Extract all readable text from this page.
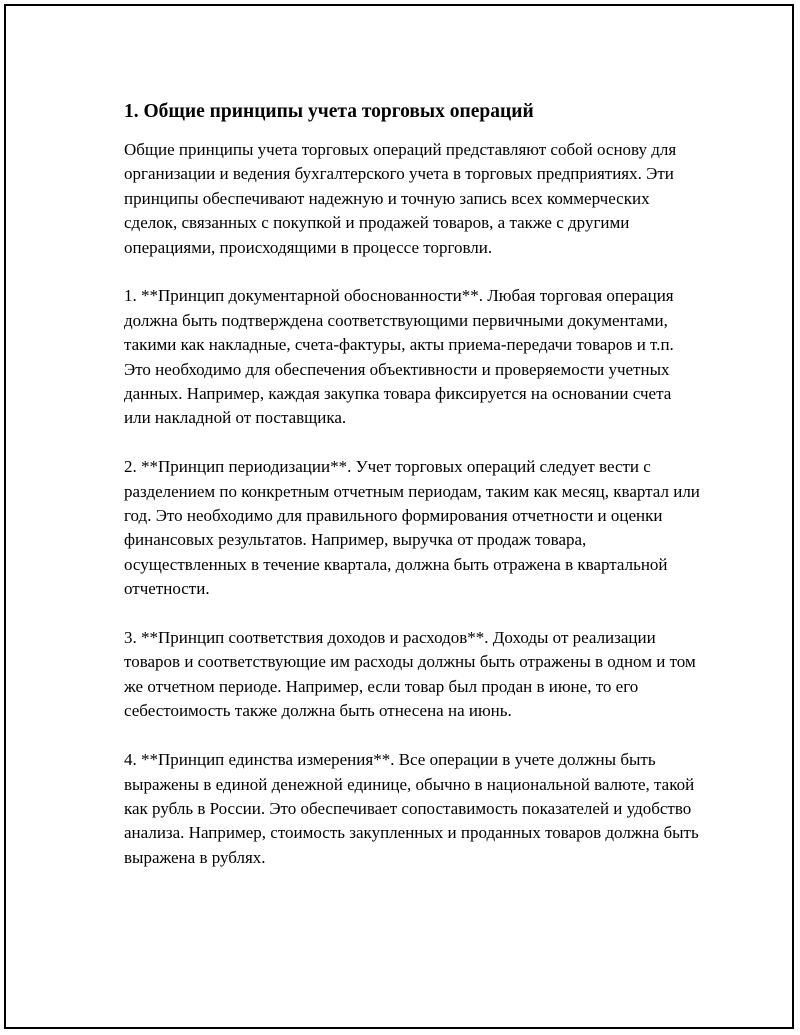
1. Общие принципы учета торговых операций

Общие принципы учета торговых операций представляют собой основу для организации и ведения бухгалтерского учета в торговых предприятиях. Эти принципы обеспечивают надежную и точную запись всех коммерческих сделок, связанных с покупкой и продажей товаров, а также с другими операциями, происходящими в процессе торговли.

1. **Принцип документарной обоснованности**. Любая торговая операция должна быть подтверждена соответствующими первичными документами, такими как накладные, счета-фактуры, акты приема-передачи товаров и т.п. Это необходимо для обеспечения объективности и проверяемости учетных данных. Например, каждая закупка товара фиксируется на основании счета или накладной от поставщика.

2. **Принцип периодизации**. Учет торговых операций следует вести с разделением по конкретным отчетным периодам, таким как месяц, квартал или год. Это необходимо для правильного формирования отчетности и оценки финансовых результатов. Например, выручка от продаж товара, осуществленных в течение квартала, должна быть отражена в квартальной отчетности.

3. **Принцип соответствия доходов и расходов**. Доходы от реализации товаров и соответствующие им расходы должны быть отражены в одном и том же отчетном периоде. Например, если товар был продан в июне, то его себестоимость также должна быть отнесена на июнь.

4. **Принцип единства измерения**. Все операции в учете должны быть выражены в единой денежной единице, обычно в национальной валюте, такой как рубль в России. Это обеспечивает сопоставимость показателей и удобство анализа. Например, стоимость закупленных и проданных товаров должна быть выражена в рублях.
